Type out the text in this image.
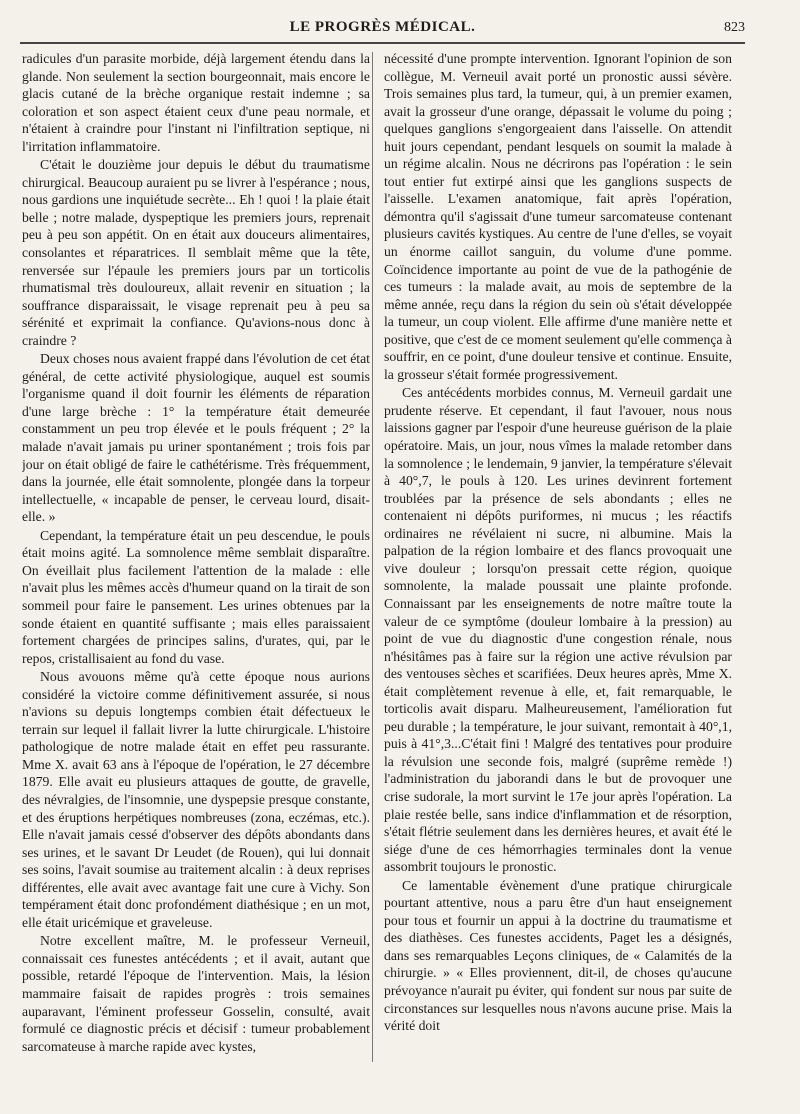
LE PROGRÈS MÉDICAL.	823

radicules d'un parasite morbide, déjà largement étendu dans la glande. Non seulement la section bourgeonnait, mais encore le glacis cutané de la brèche organique restait indemne ; sa coloration et son aspect étaient ceux d'une peau normale, et n'étaient à craindre pour l'instant ni l'infiltration septique, ni l'irritation inflammatoire.

C'était le douzième jour depuis le début du traumatisme chirurgical. Beaucoup auraient pu se livrer à l'espérance ; nous, nous gardions une inquiétude secrète... Eh ! quoi ! la plaie était belle ; notre malade, dyspeptique les premiers jours, reprenait peu à peu son appétit. On en était aux douceurs alimentaires, consolantes et réparatrices. Il semblait même que la tête, renversée sur l'épaule les premiers jours par un torticolis rhumatismal très douloureux, allait revenir en situation ; la souffrance disparaissait, le visage reprenait peu à peu sa sérénité et exprimait la confiance. Qu'avions-nous donc à craindre ?

Deux choses nous avaient frappé dans l'évolution de cet état général, de cette activité physiologique, auquel est soumis l'organisme quand il doit fournir les éléments de réparation d'une large brèche : 1° la température était demeurée constamment un peu trop élevée et le pouls fréquent ; 2° la malade n'avait jamais pu uriner spontanément ; trois fois par jour on était obligé de faire le cathétérisme. Très fréquemment, dans la journée, elle était somnolente, plongée dans la torpeur intellectuelle, « incapable de penser, le cerveau lourd, disait-elle. »

Cependant, la température était un peu descendue, le pouls était moins agité. La somnolence même semblait disparaître. On éveillait plus facilement l'attention de la malade : elle n'avait plus les mêmes accès d'humeur quand on la tirait de son sommeil pour faire le pansement. Les urines obtenues par la sonde étaient en quantité suffisante ; mais elles paraissaient fortement chargées de principes salins, d'urates, qui, par le repos, cristallisaient au fond du vase.

Nous avouons même qu'à cette époque nous aurions considéré la victoire comme définitivement assurée, si nous n'avions su depuis longtemps combien était défectueux le terrain sur lequel il fallait livrer la lutte chirurgicale. L'histoire pathologique de notre malade était en effet peu rassurante. Mme X. avait 63 ans à l'époque de l'opération, le 27 décembre 1879. Elle avait eu plusieurs attaques de goutte, de gravelle, des névralgies, de l'insomnie, une dyspepsie presque constante, et des éruptions herpétiques nombreuses (zona, eczémas, etc.). Elle n'avait jamais cessé d'observer des dépôts abondants dans ses urines, et le savant Dr Leudet (de Rouen), qui lui donnait ses soins, l'avait soumise au traitement alcalin : à deux reprises différentes, elle avait avec avantage fait une cure à Vichy. Son tempérament était donc profondément diathésique ; en un mot, elle était uricémique et graveleuse.

Notre excellent maître, M. le professeur Verneuil, connaissait ces funestes antécédents ; et il avait, autant que possible, retardé l'époque de l'intervention. Mais, la lésion mammaire faisait de rapides progrès : trois semaines auparavant, l'éminent professeur Gosselin, consulté, avait formulé ce diagnostic précis et décisif : tumeur probablement sarcomateuse à marche rapide avec kystes,

nécessité d'une prompte intervention. Ignorant l'opinion de son collègue, M. Verneuil avait porté un pronostic aussi sévère. Trois semaines plus tard, la tumeur, qui, à un premier examen, avait la grosseur d'une orange, dépassait le volume du poing ; quelques ganglions s'engorgeaient dans l'aisselle. On attendit huit jours cependant, pendant lesquels on soumit la malade à un régime alcalin. Nous ne décrirons pas l'opération : le sein tout entier fut extirpé ainsi que les ganglions suspects de l'aisselle. L'examen anatomique, fait après l'opération, démontra qu'il s'agissait d'une tumeur sarcomateuse contenant plusieurs cavités kystiques. Au centre de l'une d'elles, se voyait un énorme caillot sanguin, du volume d'une pomme. Coïncidence importante au point de vue de la pathogénie de ces tumeurs : la malade avait, au mois de septembre de la même année, reçu dans la région du sein où s'était développée la tumeur, un coup violent. Elle affirme d'une manière nette et positive, que c'est de ce moment seulement qu'elle commença à souffrir, en ce point, d'une douleur tensive et continue. Ensuite, la grosseur s'était formée progressivement.

Ces antécédents morbides connus, M. Verneuil gardait une prudente réserve. Et cependant, il faut l'avouer, nous nous laissions gagner par l'espoir d'une heureuse guérison de la plaie opératoire. Mais, un jour, nous vîmes la malade retomber dans la somnolence ; le lendemain, 9 janvier, la température s'élevait à 40°,7, le pouls à 120. Les urines devinrent fortement troublées par la présence de sels abondants ; elles ne contenaient ni dépôts puriformes, ni mucus ; les réactifs ordinaires ne révélaient ni sucre, ni albumine. Mais la palpation de la région lombaire et des flancs provoquait une vive douleur ; lorsqu'on pressait cette région, quoique somnolente, la malade poussait une plainte profonde. Connaissant par les enseignements de notre maître toute la valeur de ce symptôme (douleur lombaire à la pression) au point de vue du diagnostic d'une congestion rénale, nous n'hésitâmes pas à faire sur la région une active révulsion par des ventouses sèches et scarifiées. Deux heures après, Mme X. était complètement revenue à elle, et, fait remarquable, le torticolis avait disparu. Malheureusement, l'amélioration fut peu durable ; la température, le jour suivant, remontait à 40°,1, puis à 41°,3...C'était fini ! Malgré des tentatives pour produire la révulsion une seconde fois, malgré (suprême remède !) l'administration du jaborandi dans le but de provoquer une crise sudorale, la mort survint le 17e jour après l'opération. La plaie restée belle, sans indice d'inflammation et de résorption, s'était flétrie seulement dans les dernières heures, et avait été le siége d'une de ces hémorrhagies terminales dont la venue assombrit toujours le pronostic.

Ce lamentable évènement d'une pratique chirurgicale pourtant attentive, nous a paru être d'un haut enseignement pour tous et fournir un appui à la doctrine du traumatisme et des diathèses. Ces funestes accidents, Paget les a désignés, dans ses remarquables Leçons cliniques, de « Calamités de la chirurgie. » « Elles proviennent, dit-il, de choses qu'aucune prévoyance n'aurait pu éviter, qui fondent sur nous par suite de circonstances sur lesquelles nous n'avons aucune prise. Mais la vérité doit
